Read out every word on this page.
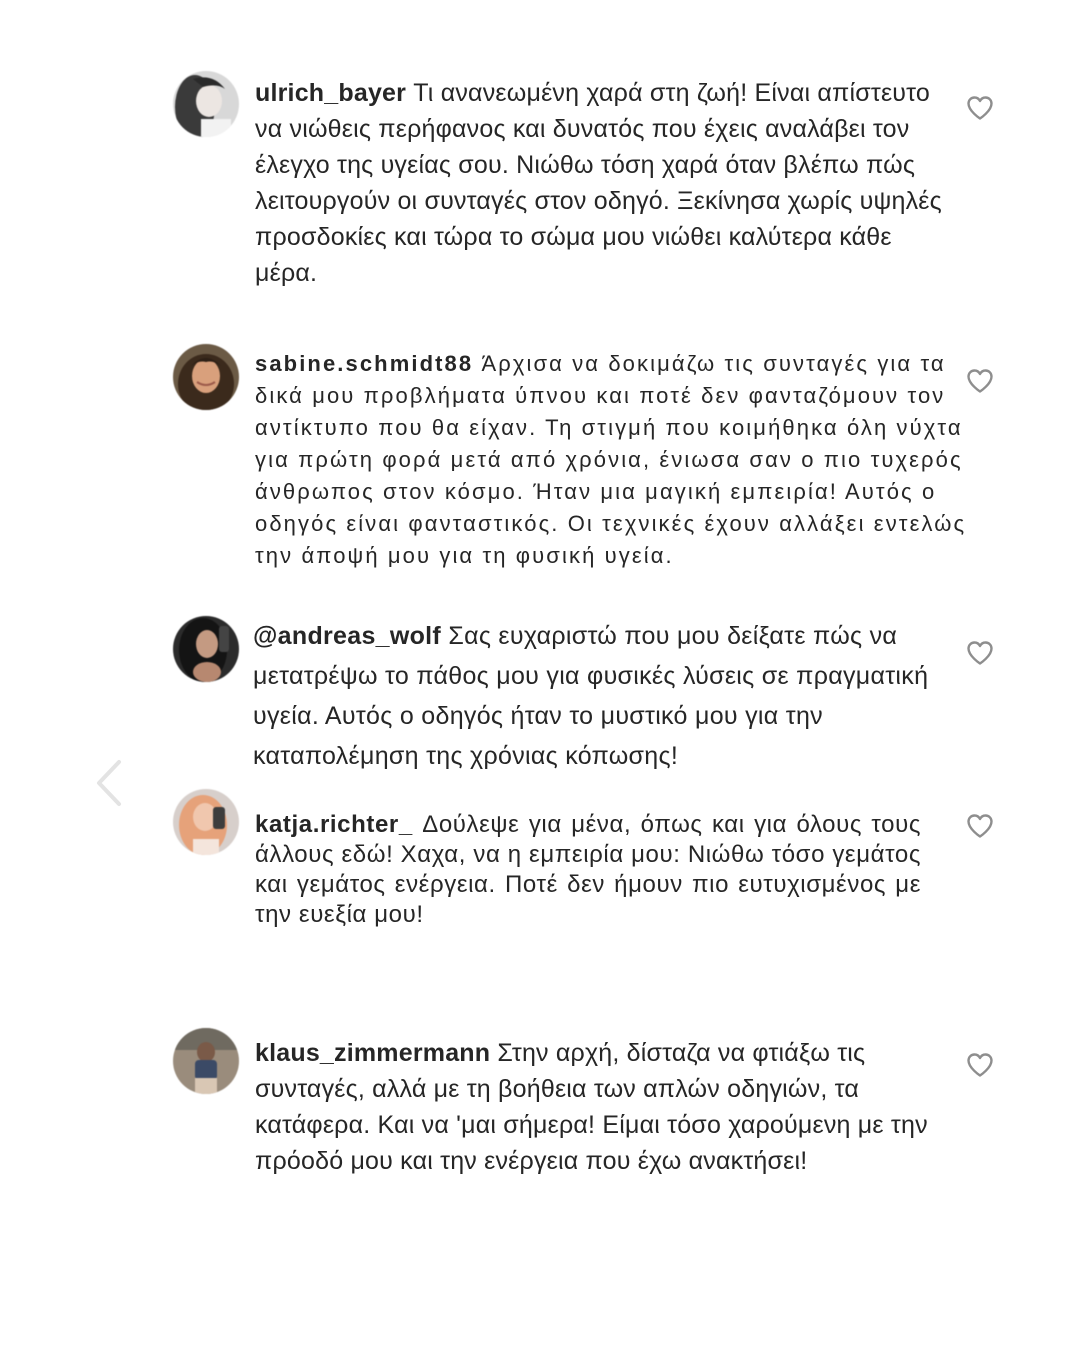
ulrich_bayer Τι ανανεωμένη χαρά στη ζωή! Είναι απίστευτο να νιώθεις περήφανος και δυνατός που έχεις αναλάβει τον έλεγχο της υγείας σου. Νιώθω τόση χαρά όταν βλέπω πώς λειτουργούν οι συνταγές στον οδηγό. Ξεκίνησα χωρίς υψηλές προσδοκίες και τώρα το σώμα μου νιώθει καλύτερα κάθε μέρα.
sabine.schmidt88 Άρχισα να δοκιμάζω τις συνταγές για τα δικά μου προβλήματα ύπνου και ποτέ δεν φανταζόμουν τον αντίκτυπο που θα είχαν. Τη στιγμή που κοιμήθηκα όλη νύχτα για πρώτη φορά μετά από χρόνια, ένιωσα σαν ο πιο τυχερός άνθρωπος στον κόσμο. Ήταν μια μαγική εμπειρία! Αυτός ο οδηγός είναι φανταστικός. Οι τεχνικές έχουν αλλάξει εντελώς την άποψή μου για τη φυσική υγεία.
@andreas_wolf Σας ευχαριστώ που μου δείξατε πώς να μετατρέψω το πάθος μου για φυσικές λύσεις σε πραγματική υγεία. Αυτός ο οδηγός ήταν το μυστικό μου για την καταπολέμηση της χρόνιας κόπωσης!
katja.richter_ Δούλεψε για μένα, όπως και για όλους τους άλλους εδώ! Χαχα, να η εμπειρία μου: Νιώθω τόσο γεμάτος και γεμάτος ενέργεια. Ποτέ δεν ήμουν πιο ευτυχισμένος με την ευεξία μου!
klaus_zimmermann Στην αρχή, δίσταζα να φτιάξω τις συνταγές, αλλά με τη βοήθεια των απλών οδηγιών, τα κατάφερα. Και να 'μαι σήμερα! Είμαι τόσο χαρούμενη με την πρόοδό μου και την ενέργεια που έχω ανακτήσει!
